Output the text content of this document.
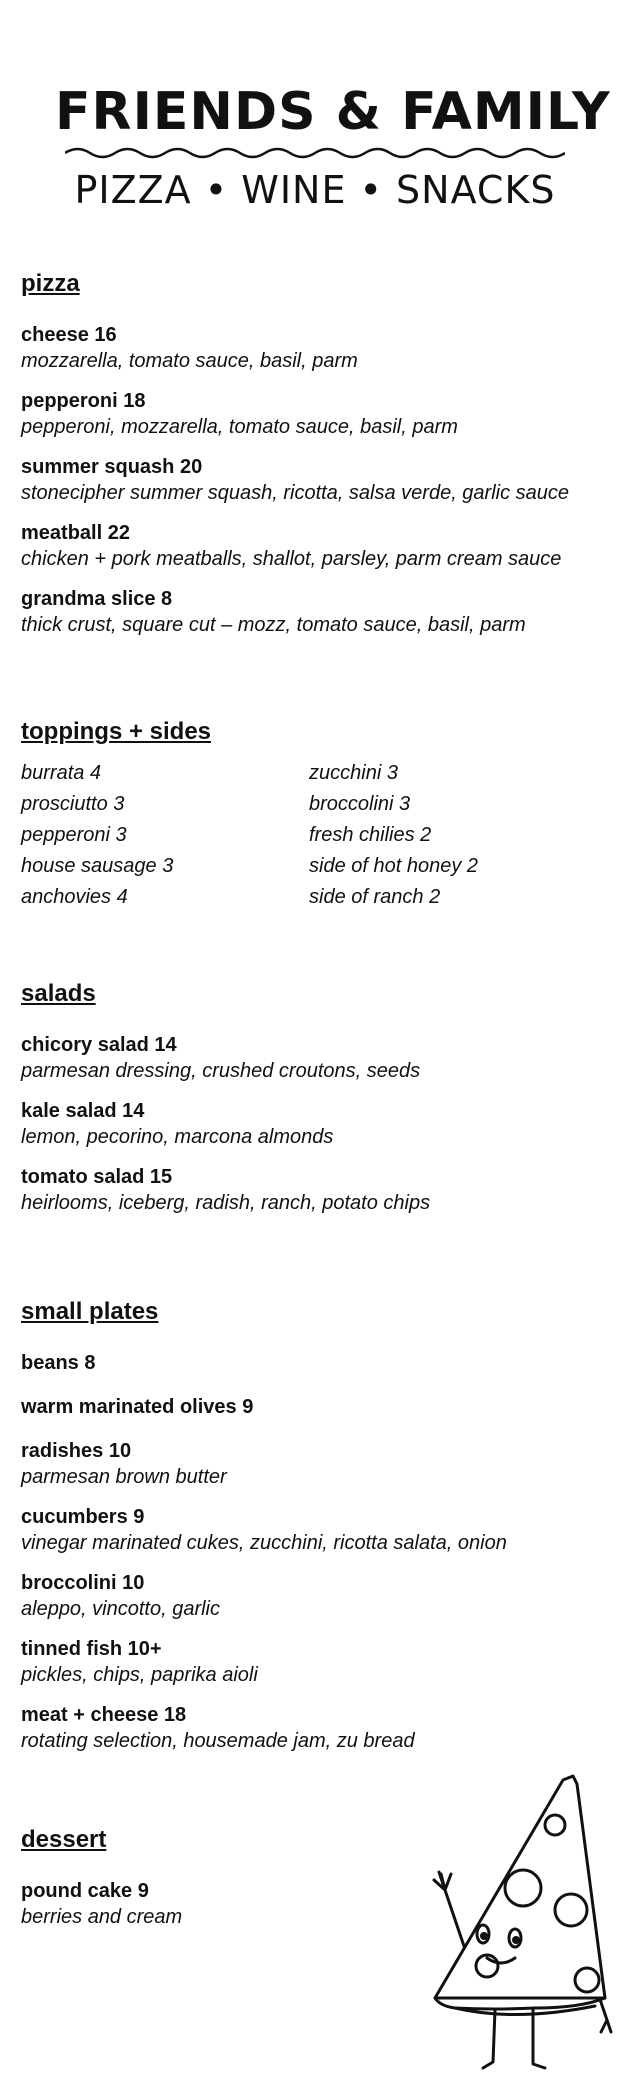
FRIENDS & FAMILY
PIZZA • WINE • SNACKS
pizza
cheese 16
mozzarella, tomato sauce, basil, parm
pepperoni 18
pepperoni, mozzarella, tomato sauce, basil, parm
summer squash 20
stonecipher summer squash, ricotta, salsa verde, garlic sauce
meatball 22
chicken + pork meatballs, shallot, parsley, parm cream sauce
grandma slice 8
thick crust, square cut – mozz, tomato sauce, basil, parm
toppings + sides
burrata 4	zucchini 3
prosciutto 3	broccolini 3
pepperoni 3	fresh chilies 2
house sausage 3	side of hot honey 2
anchovies 4	side of ranch 2
salads
chicory salad 14
parmesan dressing, crushed croutons, seeds
kale salad 14
lemon, pecorino, marcona almonds
tomato salad 15
heirlooms, iceberg, radish, ranch, potato chips
small plates
beans 8
warm marinated olives 9
radishes 10
parmesan brown butter
cucumbers 9
vinegar marinated cukes, zucchini, ricotta salata, onion
broccolini 10
aleppo, vincotto, garlic
tinned fish 10+
pickles, chips, paprika aioli
meat + cheese 18
rotating selection, housemade jam, zu bread
dessert
pound cake 9
berries and cream
